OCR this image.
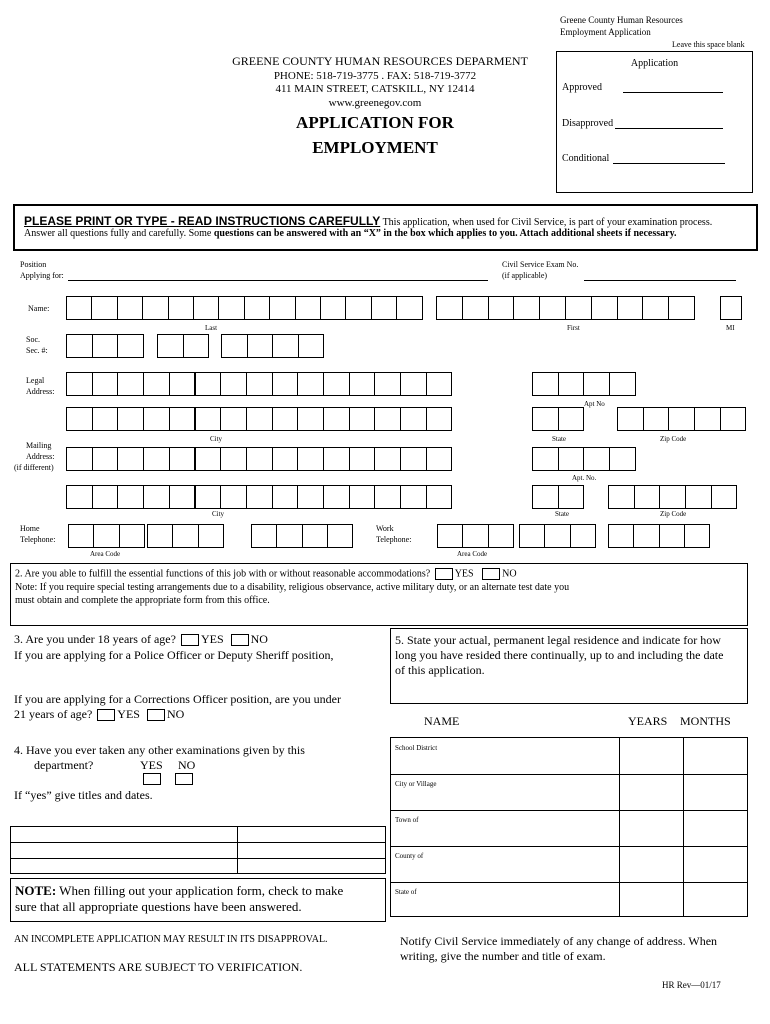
Greene County Human Resources
Employment Application
Leave this space blank
GREENE COUNTY HUMAN RESOURCES DEPARMENT
PHONE: 518-719-3775 . FAX: 518-719-3772
411 MAIN STREET, CATSKILL, NY 12414
www.greenegov.com
APPLICATION FOR
EMPLOYMENT
Application
Approved
Disapproved
Conditional
PLEASE PRINT OR TYPE - READ INSTRUCTIONS CAREFULLY This application, when used for Civil Service, is part of your examination process.
Answer all questions fully and carefully. Some questions can be answered with an “X” in the box which applies to you. Attach additional sheets if necessary.
Position
Applying for:
Civil Service Exam No.
(if applicable)
Name:
Last	First	MI
Soc.
Sec. #:
Legal
Address:
Apt No
City	State	Zip Code
Mailing
Address:
(if different)
Apt. No.
City	State	Zip Code
Home
Telephone:
Work
Telephone:
Area Code	Area Code
2. Are you able to fulfill the essential functions of this job with or without reasonable accommodations? YES	NO
Note: If you require special testing arrangements due to a disability, religious observance, active military duty, or an alternate test date you
must obtain and complete the appropriate form from this office.
3. Are you under 18 years of age? YES NO
If you are applying for a Police Officer or Deputy Sheriff position,
If you are applying for a Corrections Officer position, are you under
21 years of age? YES NO
4. Have you ever taken any other examinations given by this
department?	YES NO
If “yes” give titles and dates.
NOTE: When filling out your application form, check to make
sure that all appropriate questions have been answered.
AN INCOMPLETE APPLICATION MAY RESULT IN ITS DISAPPROVAL.
ALL STATEMENTS ARE SUBJECT TO VERIFICATION.
5. State your actual, permanent legal residence and indicate for how
long you have resided there continually, up to and including the date
of this application.
NAME	YEARS MONTHS
School District
City or Village
Town of
County of
State of
Notify Civil Service immediately of any change of address. When
writing, give the number and title of exam.
HR Rev—01/17
